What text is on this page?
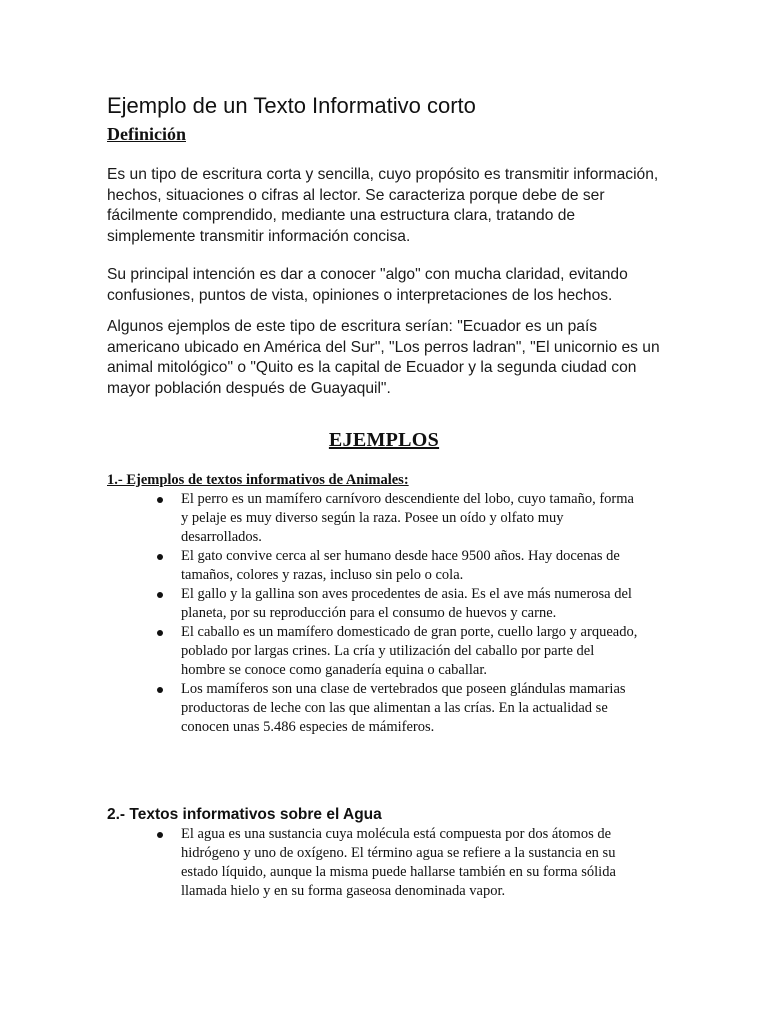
Ejemplo de un Texto Informativo corto
Definición

Es un tipo de escritura corta y sencilla, cuyo propósito es transmitir información, hechos, situaciones o cifras al lector. Se caracteriza porque debe de ser fácilmente comprendido, mediante una estructura clara, tratando de simplemente transmitir información concisa.

Su principal intención es dar a conocer "algo" con mucha claridad, evitando confusiones, puntos de vista, opiniones o interpretaciones de los hechos.

Algunos ejemplos de este tipo de escritura serían: "Ecuador es un país americano ubicado en América del Sur", "Los perros ladran", "El unicornio es un animal mitológico" o "Quito es la capital de Ecuador y la segunda ciudad con mayor población después de Guayaquil".

EJEMPLOS
1.- Ejemplos de textos informativos de Animales:
El perro es un mamífero carnívoro descendiente del lobo, cuyo tamaño, forma y pelaje es muy diverso según la raza. Posee un oído y olfato muy desarrollados.
El gato convive cerca al ser humano desde hace 9500 años. Hay docenas de tamaños, colores y razas, incluso sin pelo o cola.
El gallo y la gallina son aves procedentes de asia. Es el ave más numerosa del planeta, por su reproducción para el consumo de huevos y carne.
El caballo es un mamífero domesticado de gran porte, cuello largo y arqueado, poblado por largas crines. La cría y utilización del caballo por parte del hombre se conoce como ganadería equina o caballar.
Los mamíferos son una clase de vertebrados que poseen glándulas mamarias productoras de leche con las que alimentan a las crías. En la actualidad se conocen unas 5.486 especies de mámiferos.
2.- Textos informativos sobre el Agua
El agua es una sustancia cuya molécula está compuesta por dos átomos de hidrógeno y uno de oxígeno. El término agua se refiere a la sustancia en su estado líquido, aunque la misma puede hallarse también en su forma sólida llamada hielo y en su forma gaseosa denominada vapor.
